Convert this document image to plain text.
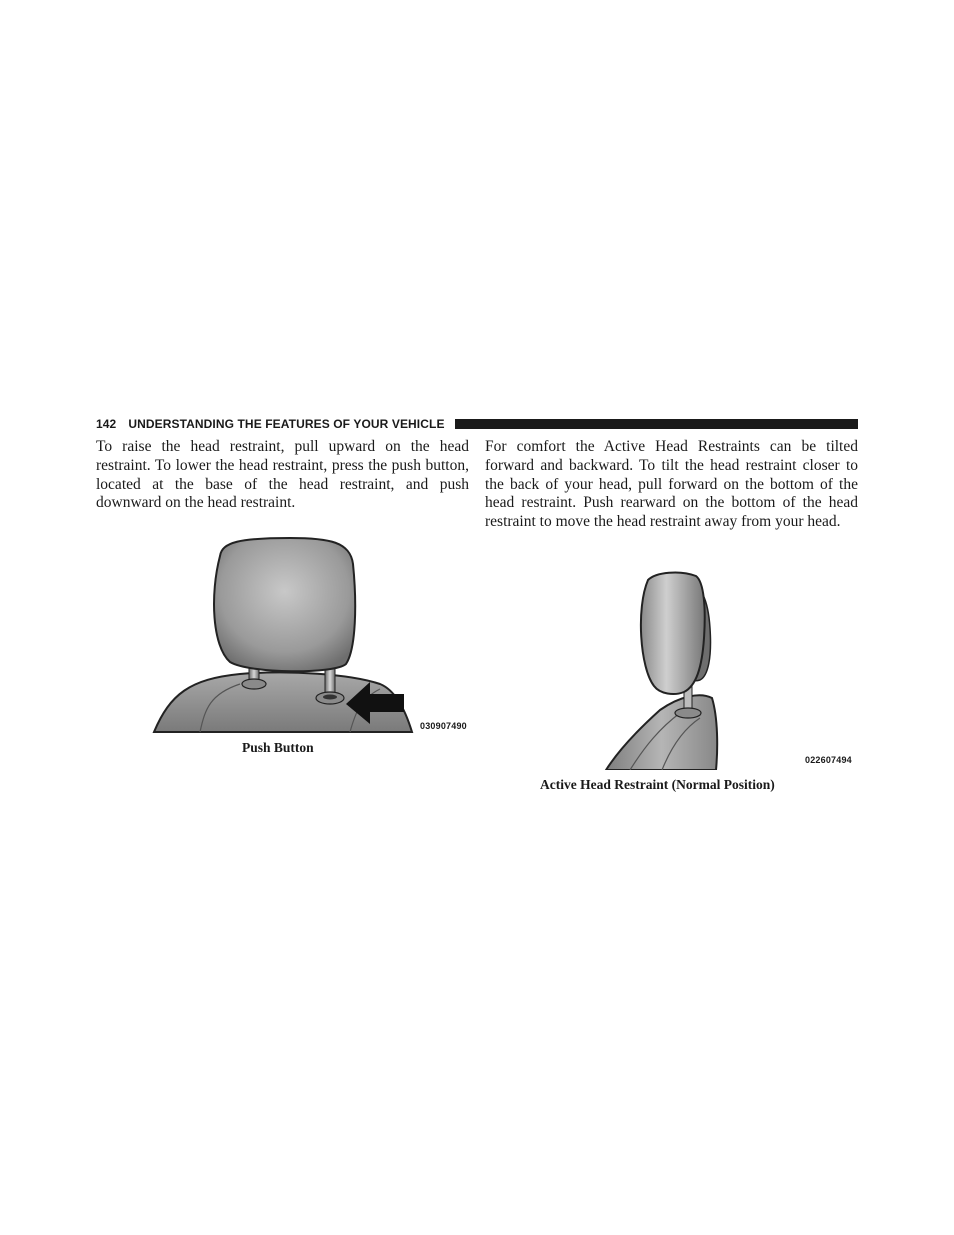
142 UNDERSTANDING THE FEATURES OF YOUR VEHICLE

To raise the head restraint, pull upward on the head restraint. To lower the head restraint, press the push button, located at the base of the head restraint, and push downward on the head restraint.

For comfort the Active Head Restraints can be tilted forward and backward. To tilt the head restraint closer to the back of your head, pull forward on the bottom of the head restraint. Push rearward on the bottom of the head restraint to move the head restraint away from your head.

030907490
Push Button
022607494
Active Head Restraint (Normal Position)
